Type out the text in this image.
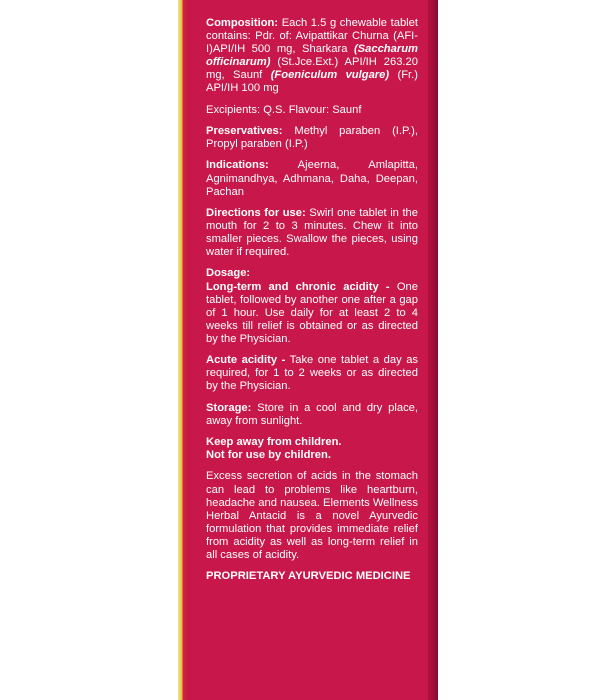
Composition: Each 1.5 g chewable tablet contains: Pdr. of: Avipattikar Churna (AFI-I)API/IH 500 mg, Sharkara (Saccharum officinarum) (St.Jce.Ext.) API/IH 263.20 mg, Saunf (Foeniculum vulgare) (Fr.) API/IH 100 mg

Excipients: Q.S. Flavour: Saunf

Preservatives: Methyl paraben (I.P.), Propyl paraben (I.P.)

Indications: Ajeerna, Amlapitta, Agnimandhya, Adhmana, Daha, Deepan, Pachan

Directions for use: Swirl one tablet in the mouth for 2 to 3 minutes. Chew it into smaller pieces. Swallow the pieces, using water if required.

Dosage:

Long-term and chronic acidity - One tablet, followed by another one after a gap of 1 hour. Use daily for at least 2 to 4 weeks till relief is obtained or as directed by the Physician.

Acute acidity - Take one tablet a day as required, for 1 to 2 weeks or as directed by the Physician.

Storage: Store in a cool and dry place, away from sunlight.

Keep away from children.

Not for use by children.

Excess secretion of acids in the stomach can lead to problems like heartburn, headache and nausea. Elements Wellness Herbal Antacid is a novel Ayurvedic formulation that provides immediate relief from acidity as well as long-term relief in all cases of acidity.

PROPRIETARY AYURVEDIC MEDICINE
